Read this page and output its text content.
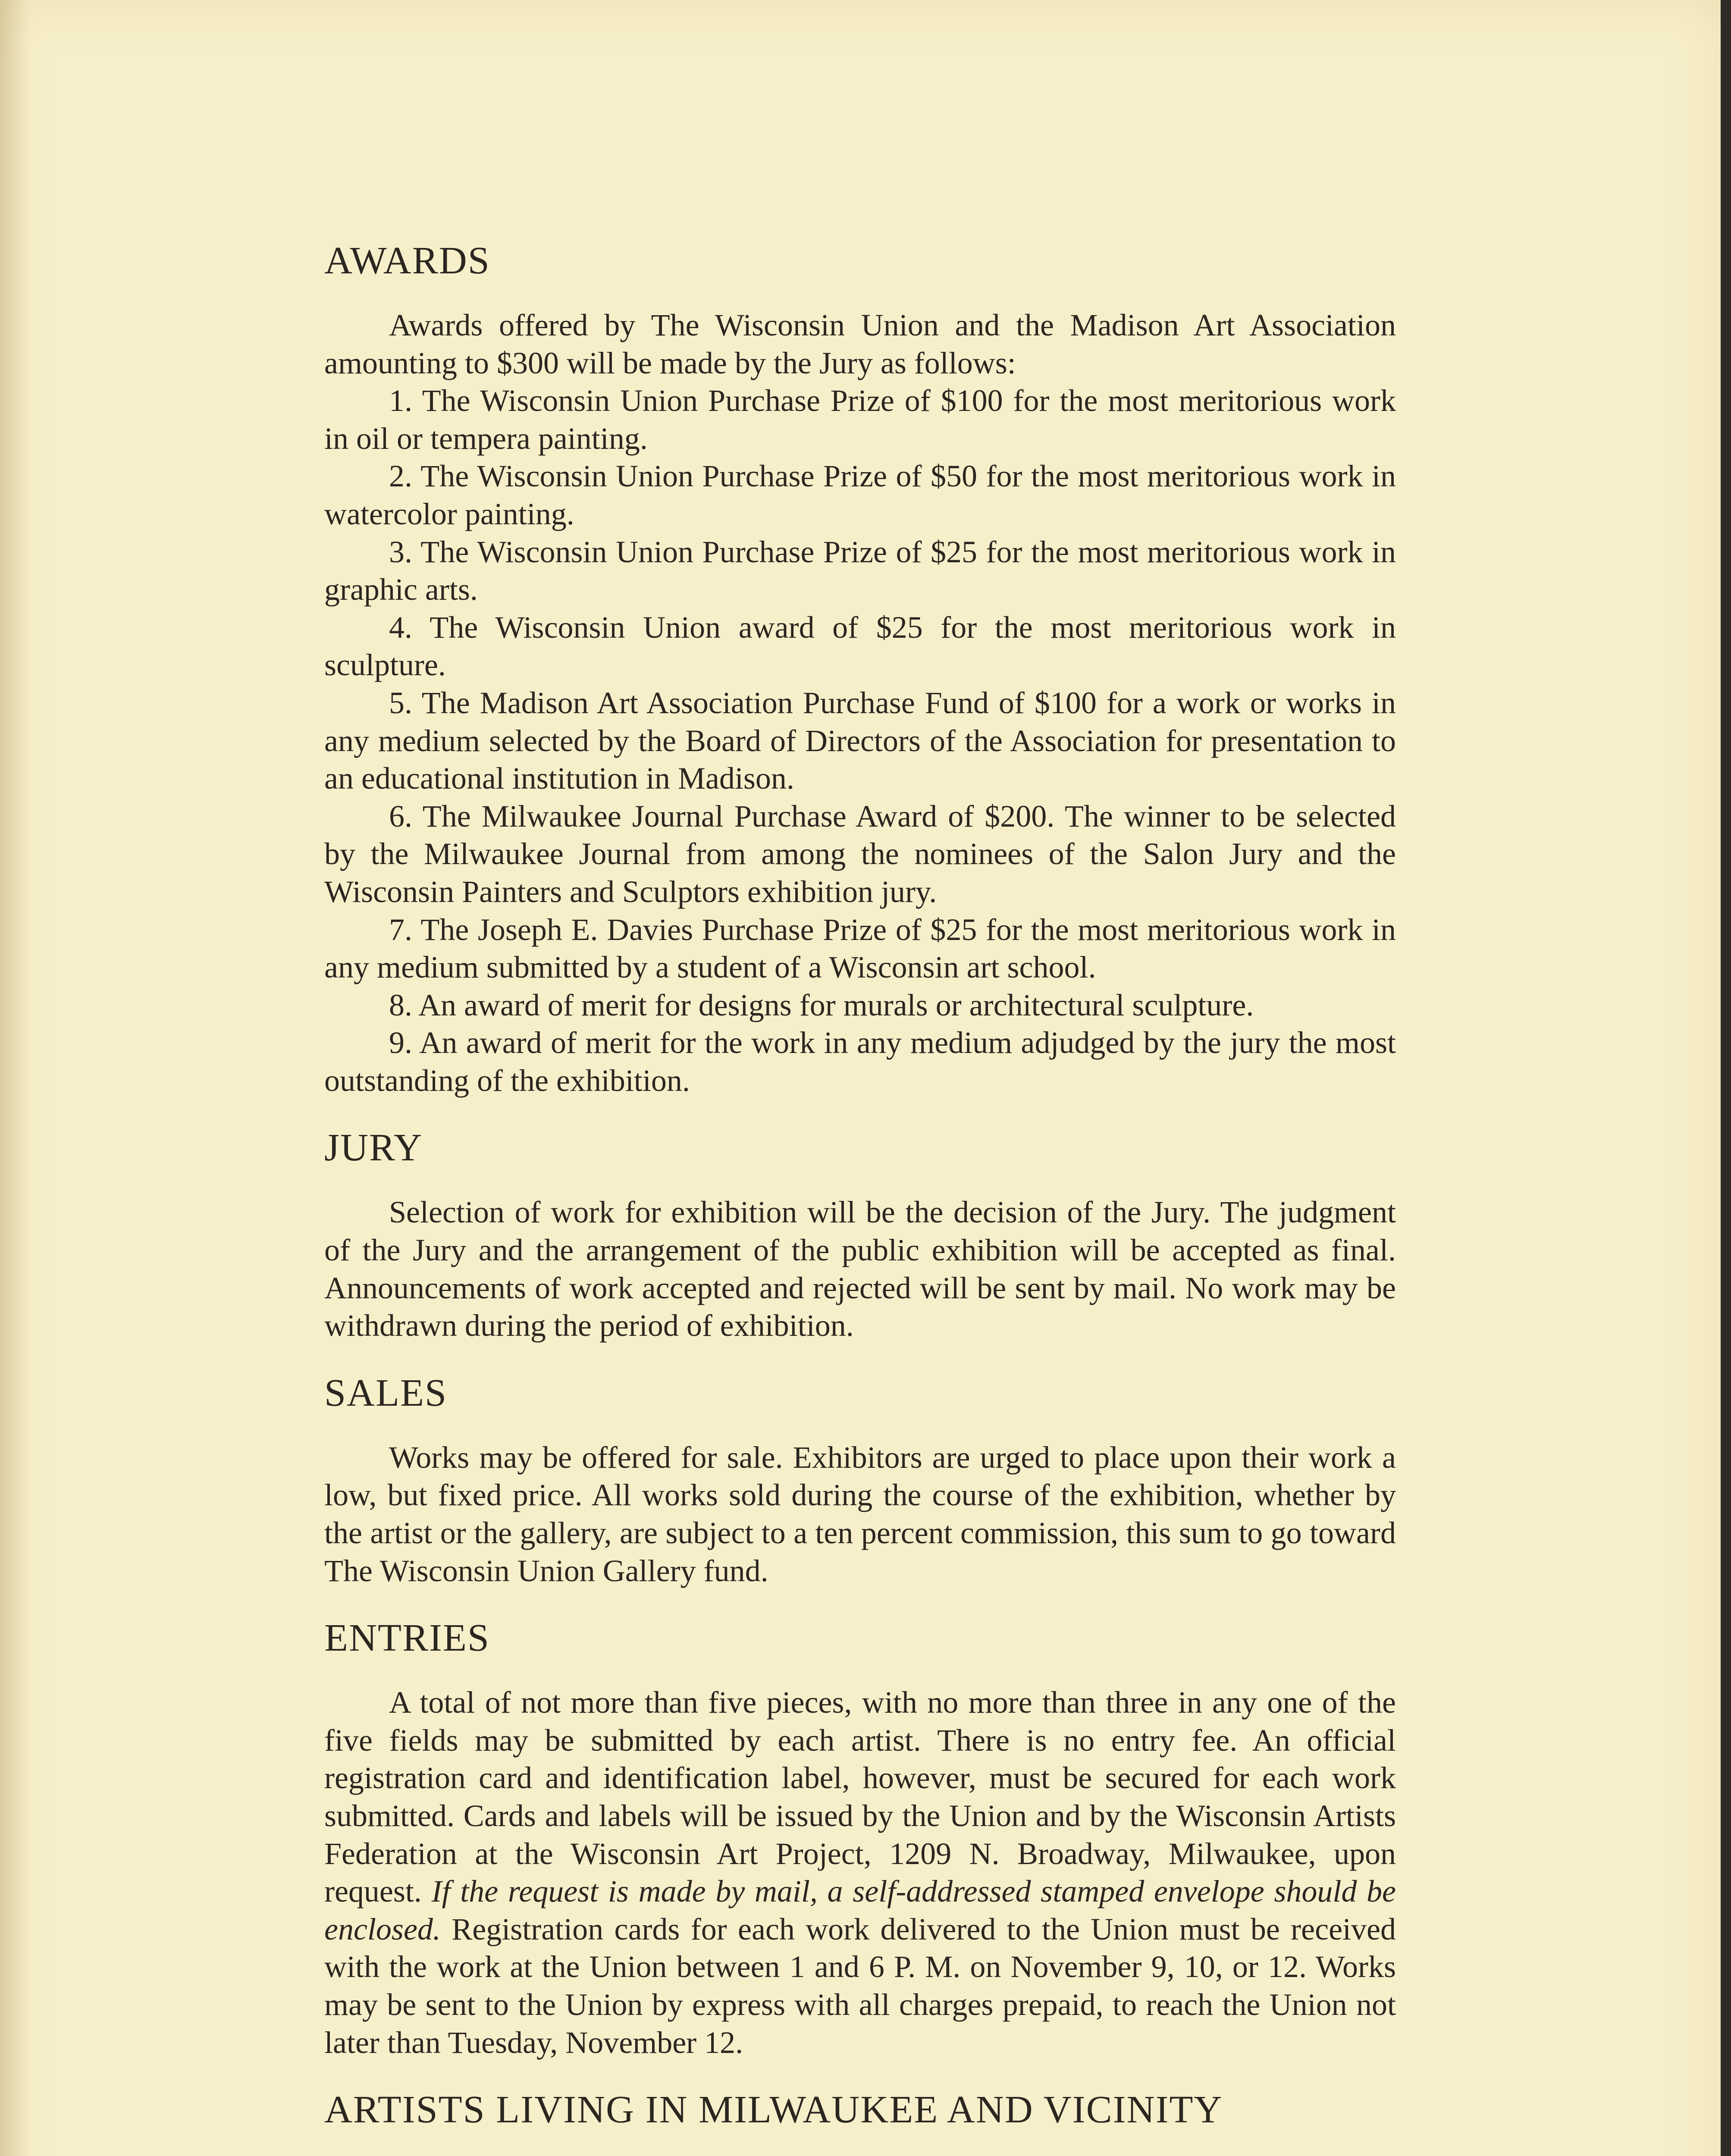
AWARDS

Awards offered by The Wisconsin Union and the Madison Art Association amounting to $300 will be made by the Jury as follows:

1. The Wisconsin Union Purchase Prize of $100 for the most meritorious work in oil or tempera painting.

2. The Wisconsin Union Purchase Prize of $50 for the most meritorious work in watercolor painting.

3. The Wisconsin Union Purchase Prize of $25 for the most meritorious work in graphic arts.

4. The Wisconsin Union award of $25 for the most meritorious work in sculpture.

5. The Madison Art Association Purchase Fund of $100 for a work or works in any medium selected by the Board of Directors of the Association for presentation to an educational institution in Madison.

6. The Milwaukee Journal Purchase Award of $200. The winner to be selected by the Milwaukee Journal from among the nominees of the Salon Jury and the Wisconsin Painters and Sculptors exhibition jury.

7. The Joseph E. Davies Purchase Prize of $25 for the most meritorious work in any medium submitted by a student of a Wisconsin art school.

8. An award of merit for designs for murals or architectural sculpture.

9. An award of merit for the work in any medium adjudged by the jury the most outstanding of the exhibition.

JURY

Selection of work for exhibition will be the decision of the Jury. The judgment of the Jury and the arrangement of the public exhibition will be accepted as final. Announcements of work accepted and rejected will be sent by mail. No work may be withdrawn during the period of exhibition.

SALES

Works may be offered for sale. Exhibitors are urged to place upon their work a low, but fixed price. All works sold during the course of the exhibition, whether by the artist or the gallery, are subject to a ten percent commission, this sum to go toward The Wisconsin Union Gallery fund.

ENTRIES

A total of not more than five pieces, with no more than three in any one of the five fields may be submitted by each artist. There is no entry fee. An official registration card and identification label, however, must be secured for each work submitted. Cards and labels will be issued by the Union and by the Wisconsin Artists Federation at the Wisconsin Art Project, 1209 N. Broadway, Milwaukee, upon request. If the request is made by mail, a self-addressed stamped envelope should be enclosed. Registration cards for each work delivered to the Union must be received with the work at the Union between 1 and 6 P. M. on November 9, 10, or 12. Works may be sent to the Union by express with all charges prepaid, to reach the Union not later than Tuesday, November 12.

ARTISTS LIVING IN MILWAUKEE AND VICINITY
